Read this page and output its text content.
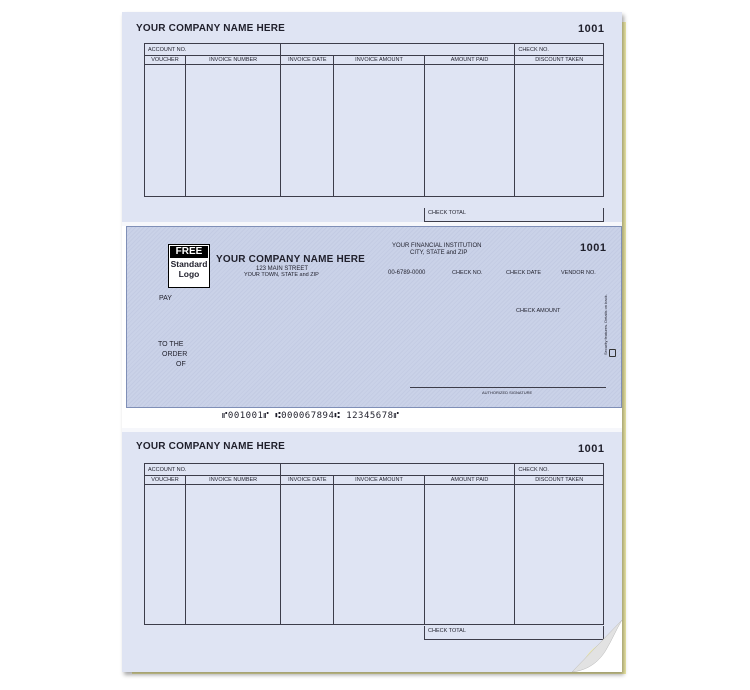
YOUR COMPANY NAME HERE	1001
ACCOUNT NO.					CHECK NO.
VOUCHER	INVOICE NUMBER	INVOICE DATE	INVOICE AMOUNT	AMOUNT PAID	DISCOUNT TAKEN

CHECK TOTAL
FREE
Standard
Logo
YOUR COMPANY NAME HERE
123 MAIN STREET
YOUR TOWN, STATE and ZIP
YOUR FINANCIAL INSTITUTION
CITY, STATE and ZIP	1001
00-6789-0000	CHECK NO.	CHECK DATE	VENDOR NO.
PAY
CHECK AMOUNT
TO THE
ORDER
OF
AUTHORIZED SIGNATURE
Security features. Details on back.
⑈001001⑈ ⑆000067894⑆ 12345678⑈
YOUR COMPANY NAME HERE	1001
ACCOUNT NO.					CHECK NO.
VOUCHER	INVOICE NUMBER	INVOICE DATE	INVOICE AMOUNT	AMOUNT PAID	DISCOUNT TAKEN

CHECK TOTAL
